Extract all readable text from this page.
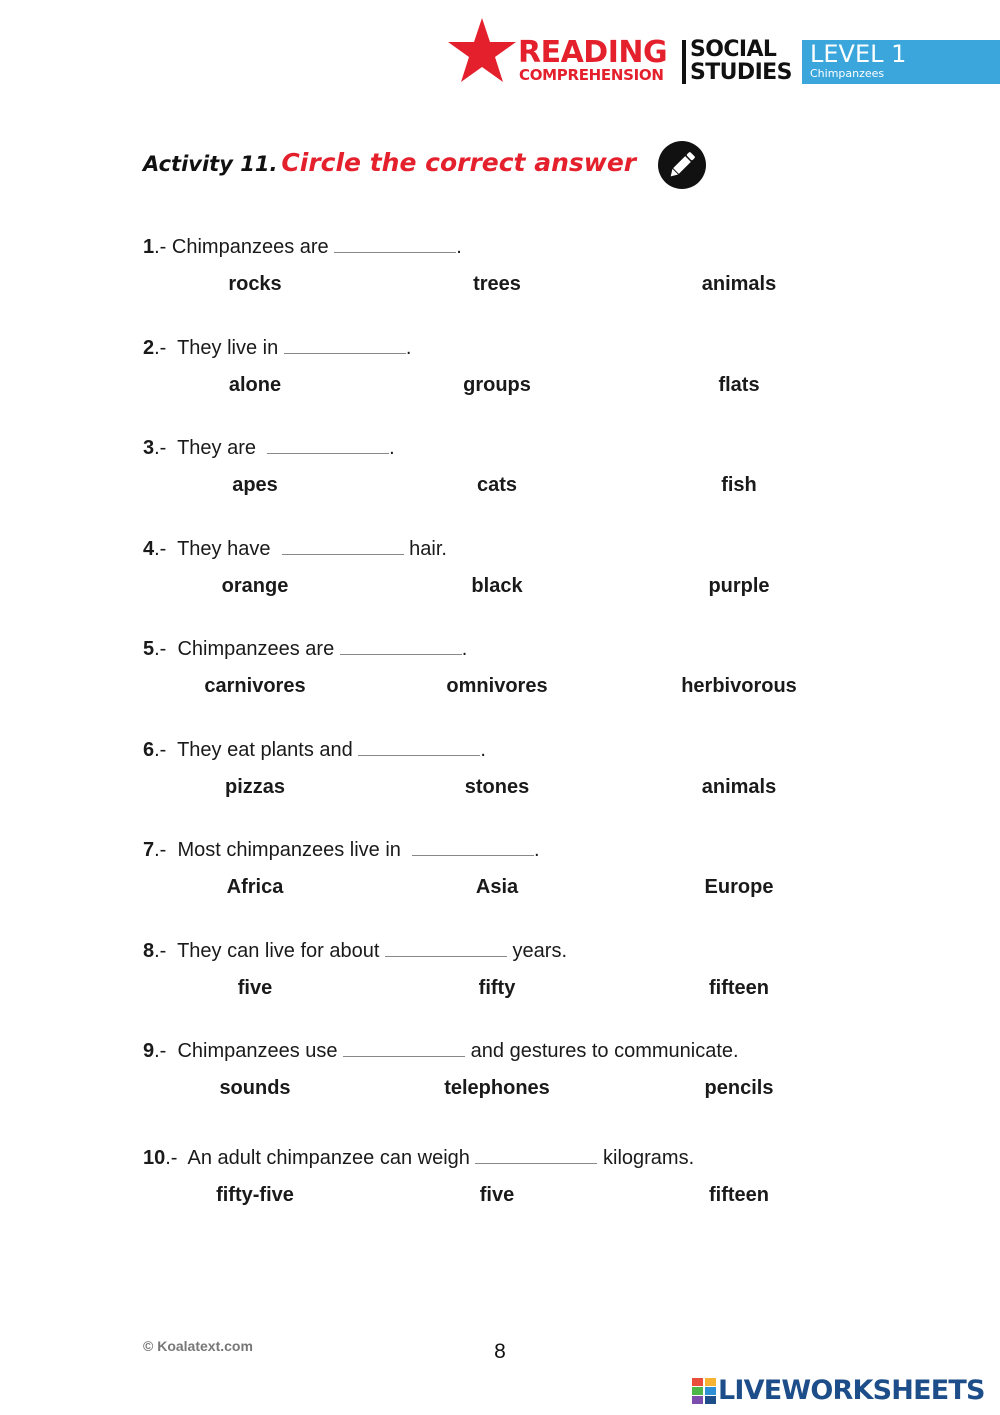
READING
COMPREHENSION
SOCIAL
STUDIES
LEVEL 1
Chimpanzees
Activity 11. Circle the correct answer
1.- Chimpanzees are	.
rocks	trees	animals
2.-  They live in	.
alone	groups	flats
3.-  They are	.
apes	cats	fish
4.-  They have	hair.
orange	black	purple
5.-  Chimpanzees are	.
carnivores	omnivores	herbivorous
6.-  They eat plants and	.
pizzas	stones	animals
7.-  Most chimpanzees live in	.
Africa	Asia	Europe
8.-  They can live for about	years.
five	fifty	fifteen
9.-  Chimpanzees use	and gestures to communicate.
sounds	telephones	pencils
10.-  An adult chimpanzee can weigh	kilograms.
fifty-five	five	fifteen
© Koalatext.com	8
LIVEWORKSHEETS
